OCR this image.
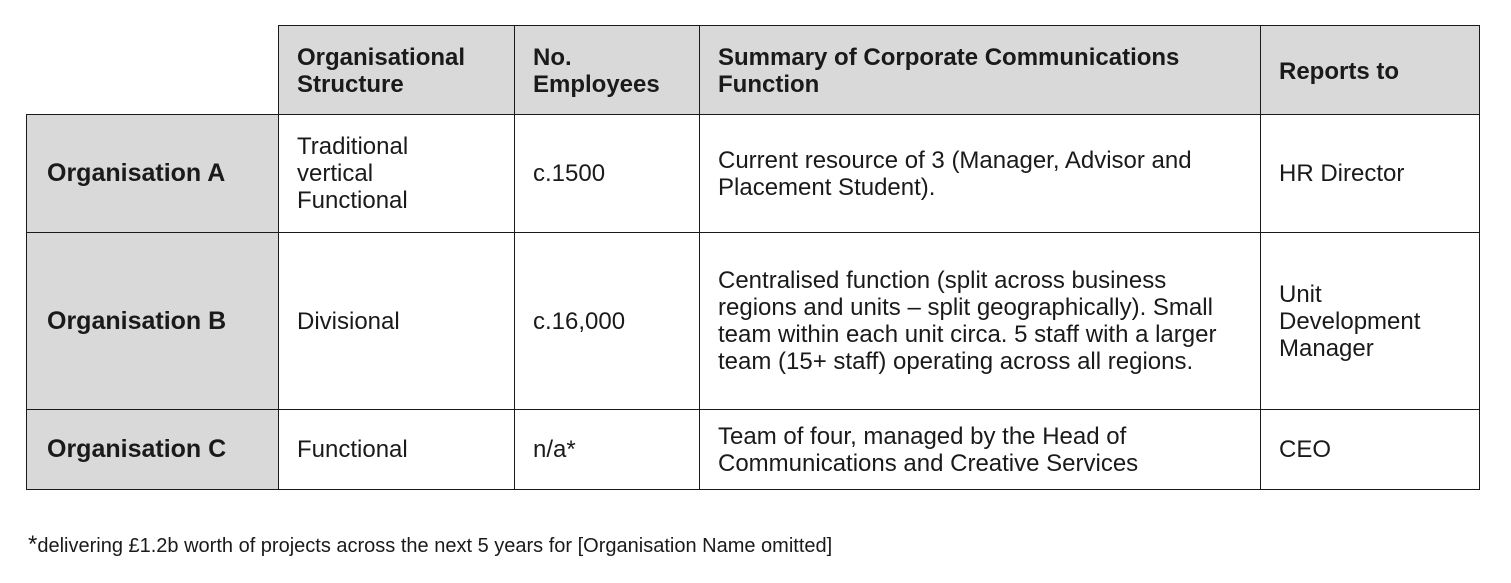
	Organisational Structure	No. Employees	Summary of Corporate Communications Function	Reports to
Organisation A	Traditional vertical Functional	c.1500	Current resource of 3 (Manager, Advisor and Placement Student).	HR Director
Organisation B	Divisional	c.16,000	Centralised function (split across business regions and units – split geographically). Small team within each unit circa. 5 staff with a larger team (15+ staff) operating across all regions.	Unit Development Manager
Organisation C	Functional	n/a*	Team of four, managed by the Head of Communications and Creative Services	CEO
*delivering £1.2b worth of projects across the next 5 years for [Organisation Name omitted]
